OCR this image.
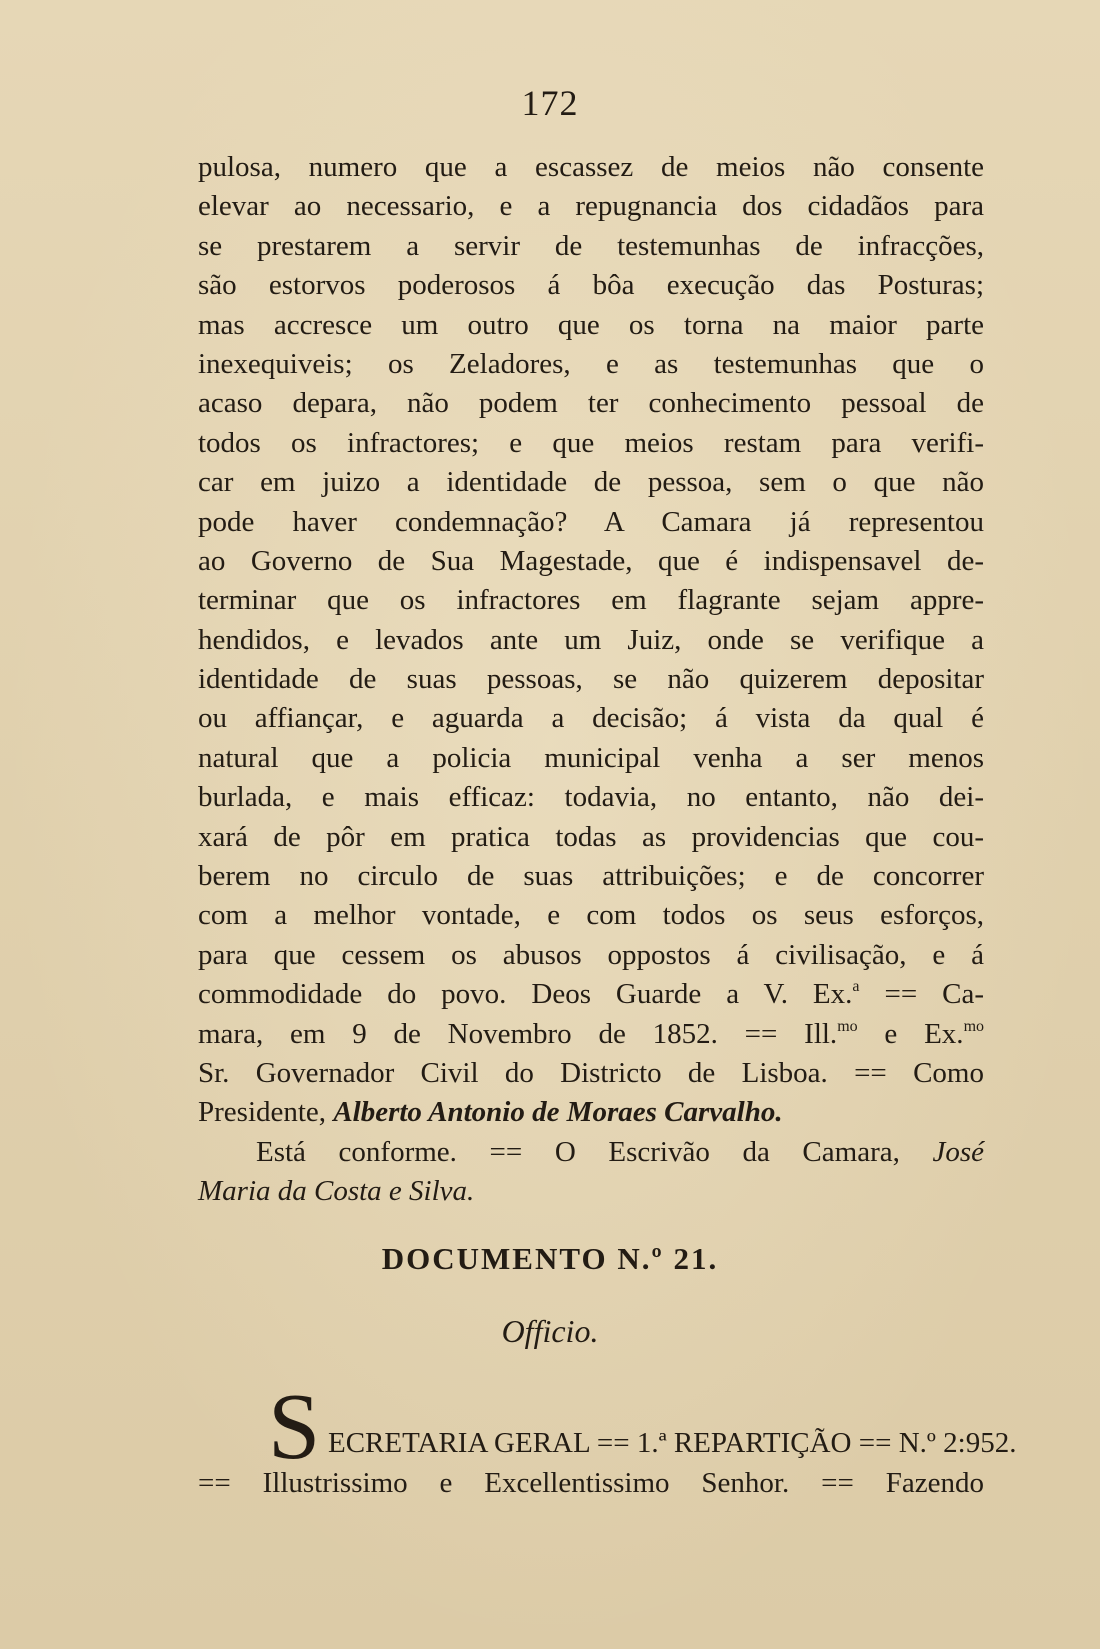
172
pulosa, numero que a escassez de meios não consente
elevar ao necessario, e a repugnancia dos cidadãos para
se prestarem a servir de testemunhas de infracções,
são estorvos poderosos á bôa execução das Posturas;
mas accresce um outro que os torna na maior parte
inexequiveis; os Zeladores, e as testemunhas que o
acaso depara, não podem ter conhecimento pessoal de
todos os infractores; e que meios restam para verifi-
car em juizo a identidade de pessoa, sem o que não
pode haver condemnação? A Camara já representou
ao Governo de Sua Magestade, que é indispensavel de-
terminar que os infractores em flagrante sejam appre-
hendidos, e levados ante um Juiz, onde se verifique a
identidade de suas pessoas, se não quizerem depositar
ou affiançar, e aguarda a decisão; á vista da qual é
natural que a policia municipal venha a ser menos
burlada, e mais efficaz: todavia, no entanto, não dei-
xará de pôr em pratica todas as providencias que cou-
berem no circulo de suas attribuições; e de concorrer
com a melhor vontade, e com todos os seus esforços,
para que cessem os abusos oppostos á civilisação, e á
commodidade do povo. Deos Guarde a V. Ex.$^a$ == Ca-
mara, em 9 de Novembro de 1852. == Ill.$^{mo}$ e Ex.$^{mo}$
Sr. Governador Civil do Districto de Lisboa. == Como
Presidente, Alberto Antonio de Moraes Carvalho.
Está conforme. == O Escrivão da Camara, José
Maria da Costa e Silva.
DOCUMENTO N.º 21.
Officio.
S ECRETARIA GERAL == 1.ª REPARTIÇÃO == N.º 2:952.
== Illustrissimo e Excellentissimo Senhor. == Fazendo
